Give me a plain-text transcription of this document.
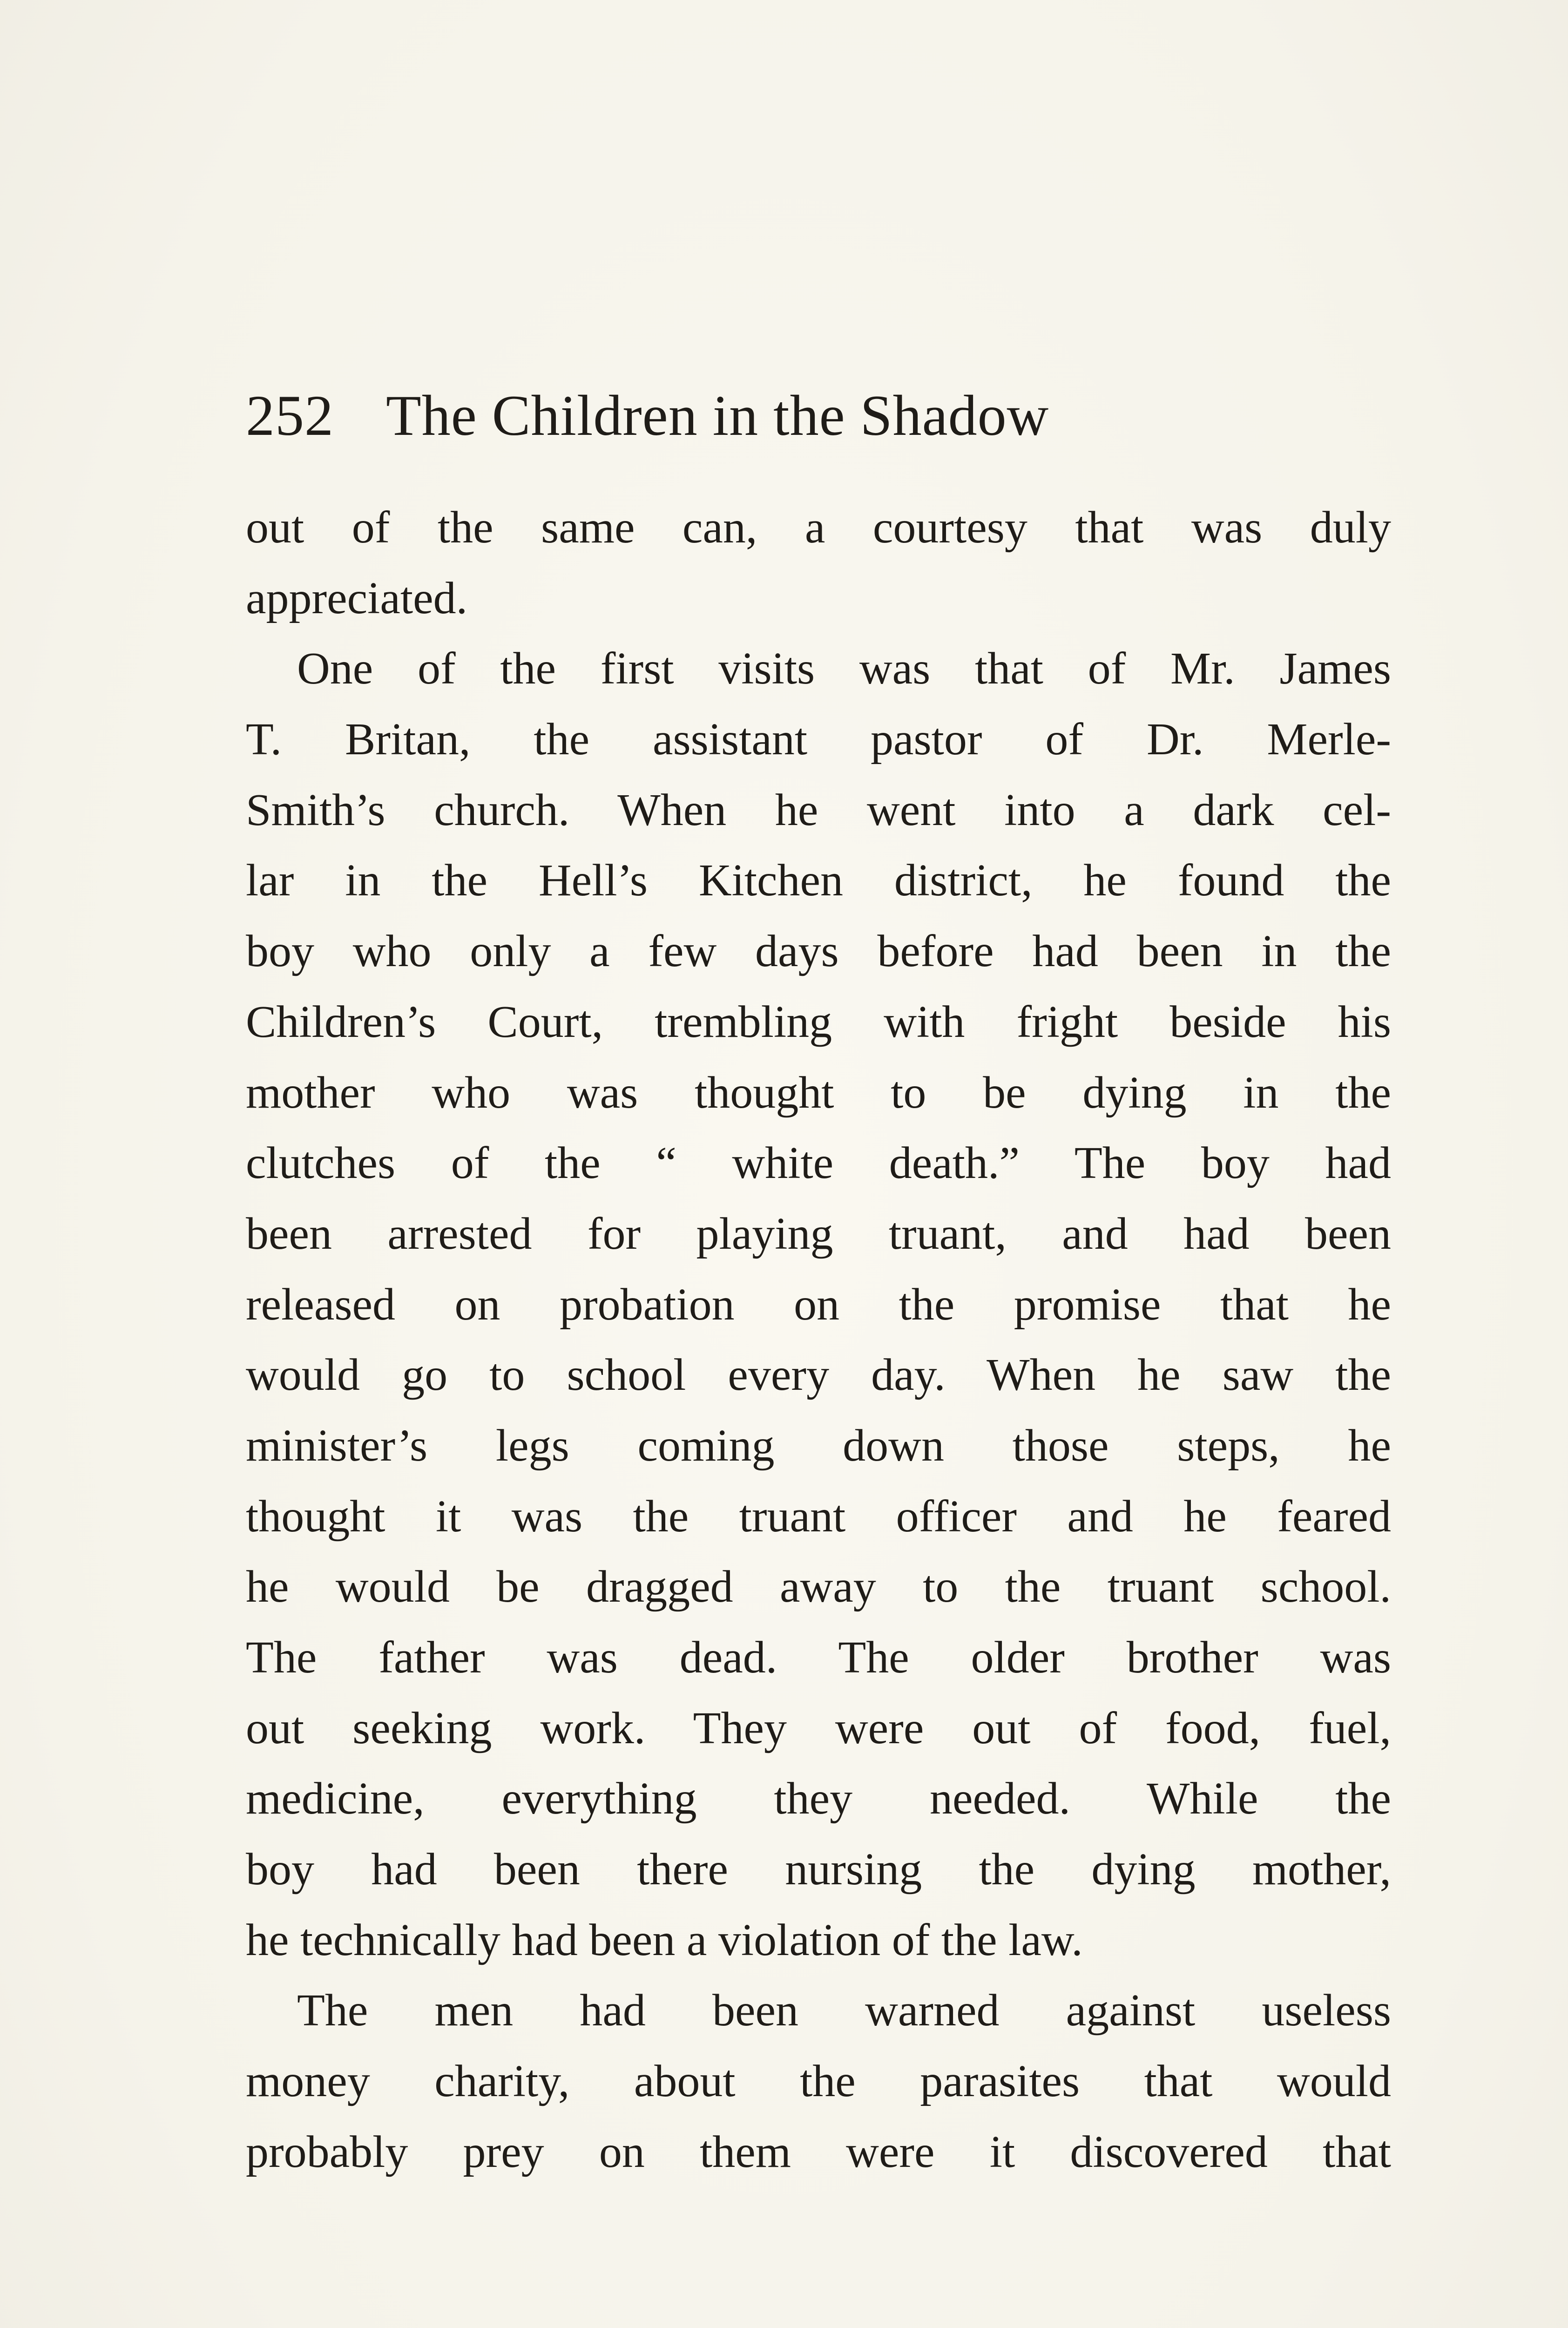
252 The Children in the Shadow
out of the same can, a courtesy that was duly
appreciated.
One of the first visits was that of Mr. James
T. Britan, the assistant pastor of Dr. Merle-
Smith’s church. When he went into a dark cel-
lar in the Hell’s Kitchen district, he found the
boy who only a few days before had been in the
Children’s Court, trembling with fright beside his
mother who was thought to be dying in the
clutches of the “ white death.” The boy had
been arrested for playing truant, and had been
released on probation on the promise that he
would go to school every day. When he saw the
minister’s legs coming down those steps, he
thought it was the truant officer and he feared
he would be dragged away to the truant school.
The father was dead. The older brother was
out seeking work. They were out of food, fuel,
medicine, everything they needed. While the
boy had been there nursing the dying mother,
he technically had been a violation of the law.
The men had been warned against useless
money charity, about the parasites that would
probably prey on them were it discovered that
